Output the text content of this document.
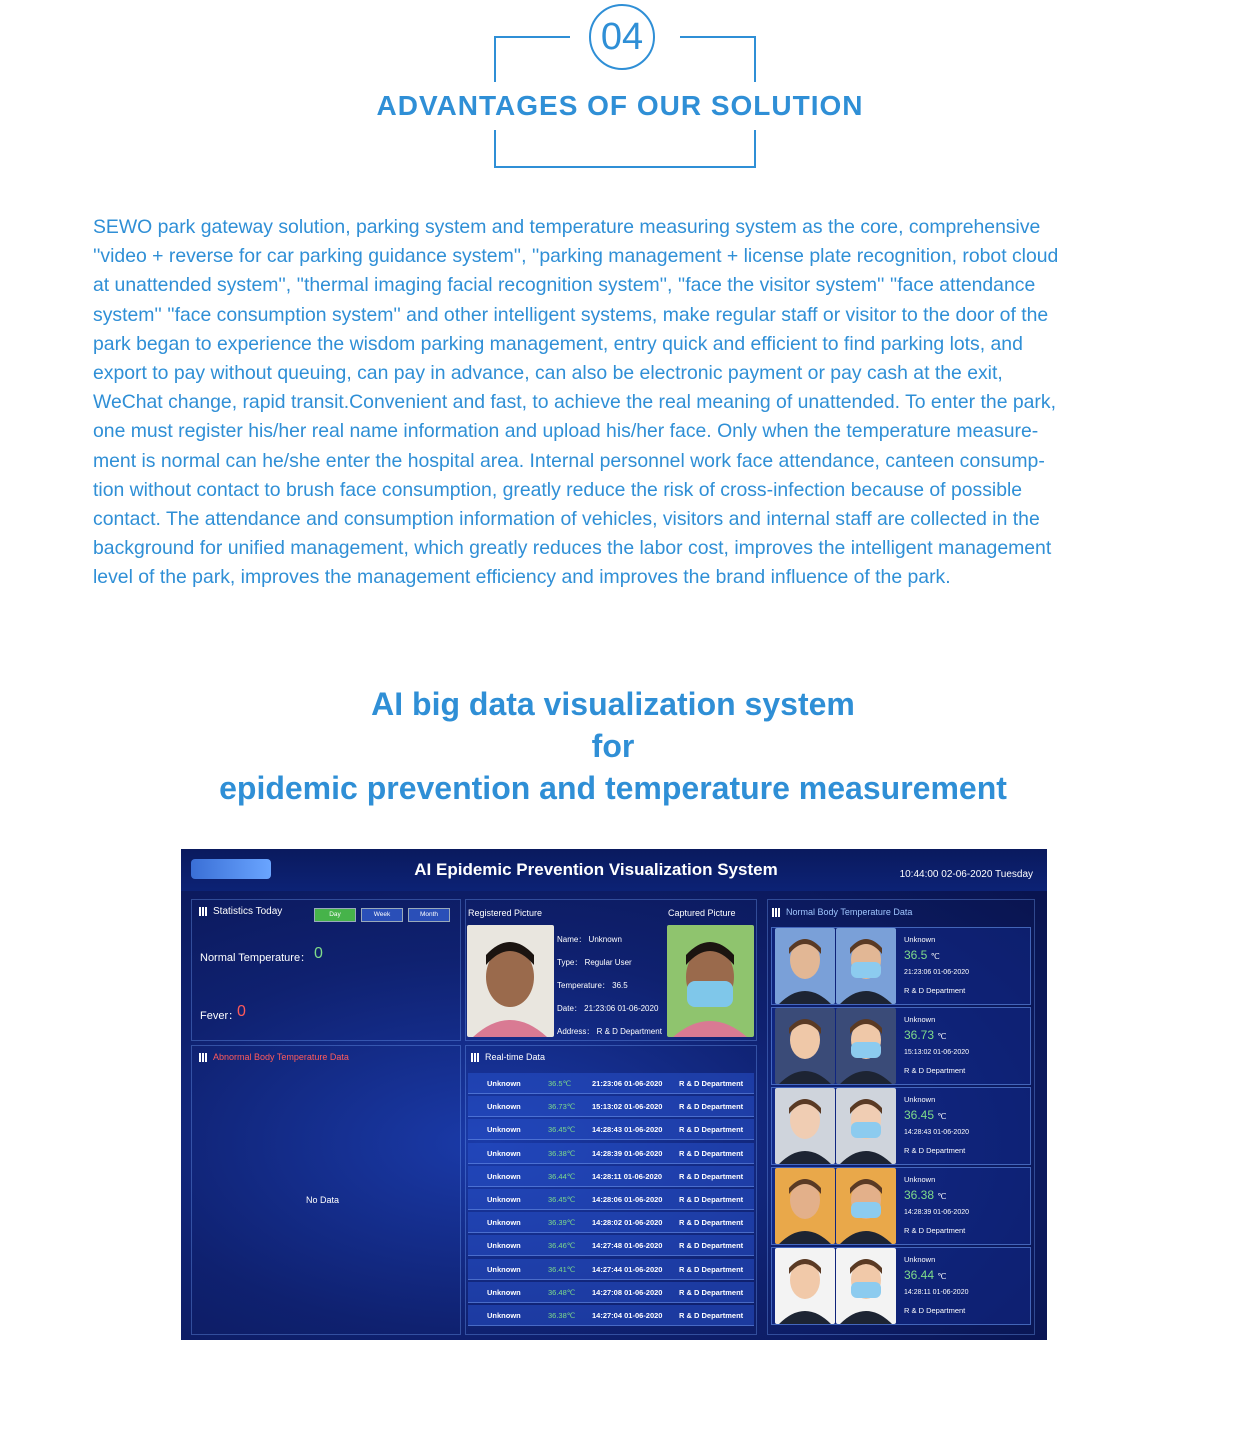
04
ADVANTAGES OF OUR SOLUTION

SEWO park gateway solution, parking system and temperature measuring system as the core, comprehensive

''video + reverse for car parking guidance system'', ''parking management + license plate recognition, robot cloud

at unattended system'', ''thermal imaging facial recognition system'', ''face the visitor system'' ''face attendance

system'' ''face consumption system'' and other intelligent systems, make regular staff or visitor to the door of the

park began to experience the wisdom parking management, entry quick and efficient to find parking lots, and

export to pay without queuing, can pay in advance, can also be electronic payment or pay cash at the exit,

WeChat change, rapid transit.Convenient and fast, to achieve the real meaning of unattended. To enter the park,

one must register his/her real name information and upload his/her face. Only when the temperature measure-

ment is normal can he/she enter the hospital area. Internal personnel work face attendance, canteen consump-

tion without contact to brush face consumption, greatly reduce the risk of cross-infection because of possible

contact. The attendance and consumption information of vehicles, visitors and internal staff are collected in the

background for unified management, which greatly reduces the labor cost, improves the intelligent management

level of the park, improves the management efficiency and improves the brand influence of the park.

AI big data visualization system
for
epidemic prevention and temperature measurement
AI Epidemic Prevention Visualization System	10:44:00 02-06-2020 Tuesday
Statistics Today	Day	Week	Month
Normal Temperature： 0
Fever：
0
Abnormal Body Temperature Data
No Data
Registered Picture	Captured Picture
Name： Unknown
Type： Regular User
Temperature： 36.5
Date： 21:23:06 01-06-2020
Address： R & D Department
Real-time Data
Unknown	36.5℃	21:23:06 01-06-2020 R & D Department
Unknown	36.73℃ 15:13:02 01-06-2020 R & D Department
Unknown	36.45℃ 14:28:43 01-06-2020 R & D Department
Unknown	36.38℃ 14:28:39 01-06-2020 R & D Department
Unknown	36.44℃ 14:28:11 01-06-2020 R & D Department
Unknown	36.45℃ 14:28:06 01-06-2020 R & D Department
Unknown	36.39℃ 14:28:02 01-06-2020 R & D Department
Unknown	36.46℃ 14:27:48 01-06-2020 R & D Department
Unknown	36.41℃ 14:27:44 01-06-2020 R & D Department
Unknown	36.48℃ 14:27:08 01-06-2020 R & D Department
Unknown	36.38℃ 14:27:04 01-06-2020 R & D Department
Normal Body Temperature Data
Unknown
36.5 ℃
21:23:06 01-06-2020
R & D Department
Unknown
36.73 ℃
15:13:02 01-06-2020
R & D Department
Unknown
36.45 ℃
14:28:43 01-06-2020
R & D Department
Unknown
36.38 ℃
14:28:39 01-06-2020
R & D Department
Unknown
36.44 ℃
14:28:11 01-06-2020
R & D Department
